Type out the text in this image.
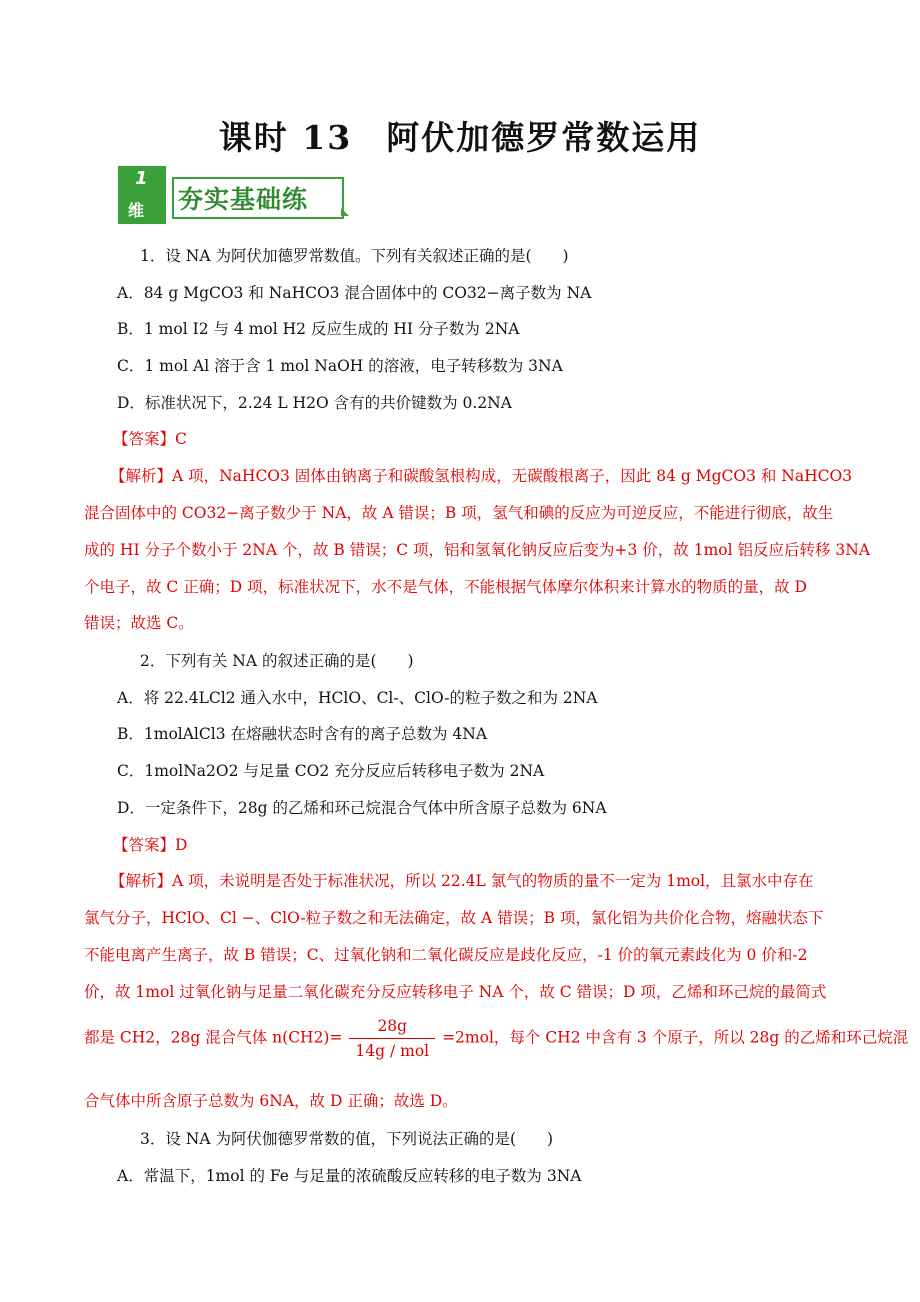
课时 13 阿伏加德罗常数运用
1
维 夯实基础练
1．设 NA 为阿伏加德罗常数值。下列有关叙述正确的是(　　)
A．84 g MgCO3 和 NaHCO3 混合固体中的 CO32−离子数为 NA
B．1 mol I2 与 4 mol H2 反应生成的 HI 分子数为 2NA
C．1 mol Al 溶于含 1 mol NaOH 的溶液，电子转移数为 3NA
D．标准状况下，2.24 L H2O 含有的共价键数为 0.2NA
【答案】C
【解析】A 项，NaHCO3 固体由钠离子和碳酸氢根构成，无碳酸根离子，因此 84 g MgCO3 和 NaHCO3
混合固体中的 CO32−离子数少于 NA，故 A 错误；B 项，氢气和碘的反应为可逆反应，不能进行彻底，故生
成的 HI 分子个数小于 2NA 个，故 B 错误；C 项，铝和氢氧化钠反应后变为+3 价，故 1mol 铝反应后转移 3NA
个电子，故 C 正确；D 项，标准状况下，水不是气体，不能根据气体摩尔体积来计算水的物质的量，故 D
错误；故选 C。
2．下列有关 NA 的叙述正确的是(　　)
A．将 22.4LCl2 通入水中，HClO、Cl-、ClO-的粒子数之和为 2NA
B．1molAlCl3 在熔融状态时含有的离子总数为 4NA
C．1molNa2O2 与足量 CO2 充分反应后转移电子数为 2NA
D．一定条件下，28g 的乙烯和环己烷混合气体中所含原子总数为 6NA
【答案】D
【解析】A 项，未说明是否处于标准状况，所以 22.4L 氯气的物质的量不一定为 1mol，且氯水中存在
氯气分子，HClO、Cl −、ClO-粒子数之和无法确定，故 A 错误；B 项，氯化铝为共价化合物，熔融状态下
不能电离产生离子，故 B 错误；C、过氧化钠和二氧化碳反应是歧化反应，-1 价的氧元素歧化为 0 价和-2
价，故 1mol 过氧化钠与足量二氧化碳充分反应转移电子 NA 个，故 C 错误；D 项，乙烯和环己烷的最简式
都是 CH2，28g 混合气体 $n(CH2)= \frac{28g}{\text{14g / mol}} =2mol$，每个 CH2 中含有 3 个原子，所以 28g 的乙烯和环己烷混
合气体中所含原子总数为 6NA，故 D 正确；故选 D。
3．设 NA 为阿伏伽德罗常数的值，下列说法正确的是(　　)
A．常温下，1mol 的 Fe 与足量的浓硫酸反应转移的电子数为 3NA
